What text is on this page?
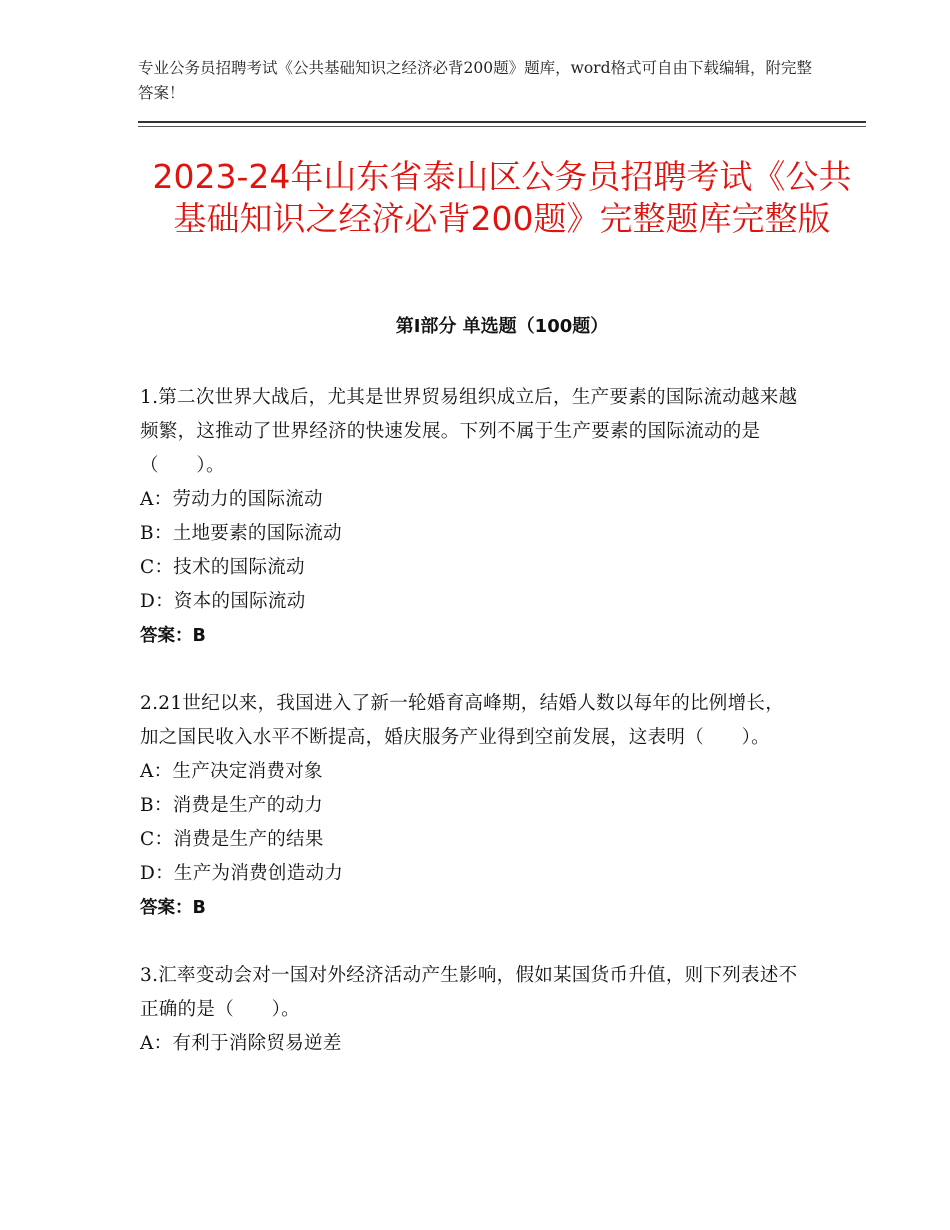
专业公务员招聘考试《公共基础知识之经济必背200题》题库，word格式可自由下载编辑，附完整答案！
2023-24年山东省泰山区公务员招聘考试《公共基础知识之经济必背200题》完整题库完整版
第Ⅰ部分 单选题（100题）
1.第二次世界大战后，尤其是世界贸易组织成立后，生产要素的国际流动越来越频繁，这推动了世界经济的快速发展。下列不属于生产要素的国际流动的是（　　）。
A：劳动力的国际流动
B：土地要素的国际流动
C：技术的国际流动
D：资本的国际流动
答案：B
2.21世纪以来，我国进入了新一轮婚育高峰期，结婚人数以每年的比例增长，加之国民收入水平不断提高，婚庆服务产业得到空前发展，这表明（　　）。
A：生产决定消费对象
B：消费是生产的动力
C：消费是生产的结果
D：生产为消费创造动力
答案：B
3.汇率变动会对一国对外经济活动产生影响，假如某国货币升值，则下列表述不正确的是（　　）。
A：有利于消除贸易逆差
